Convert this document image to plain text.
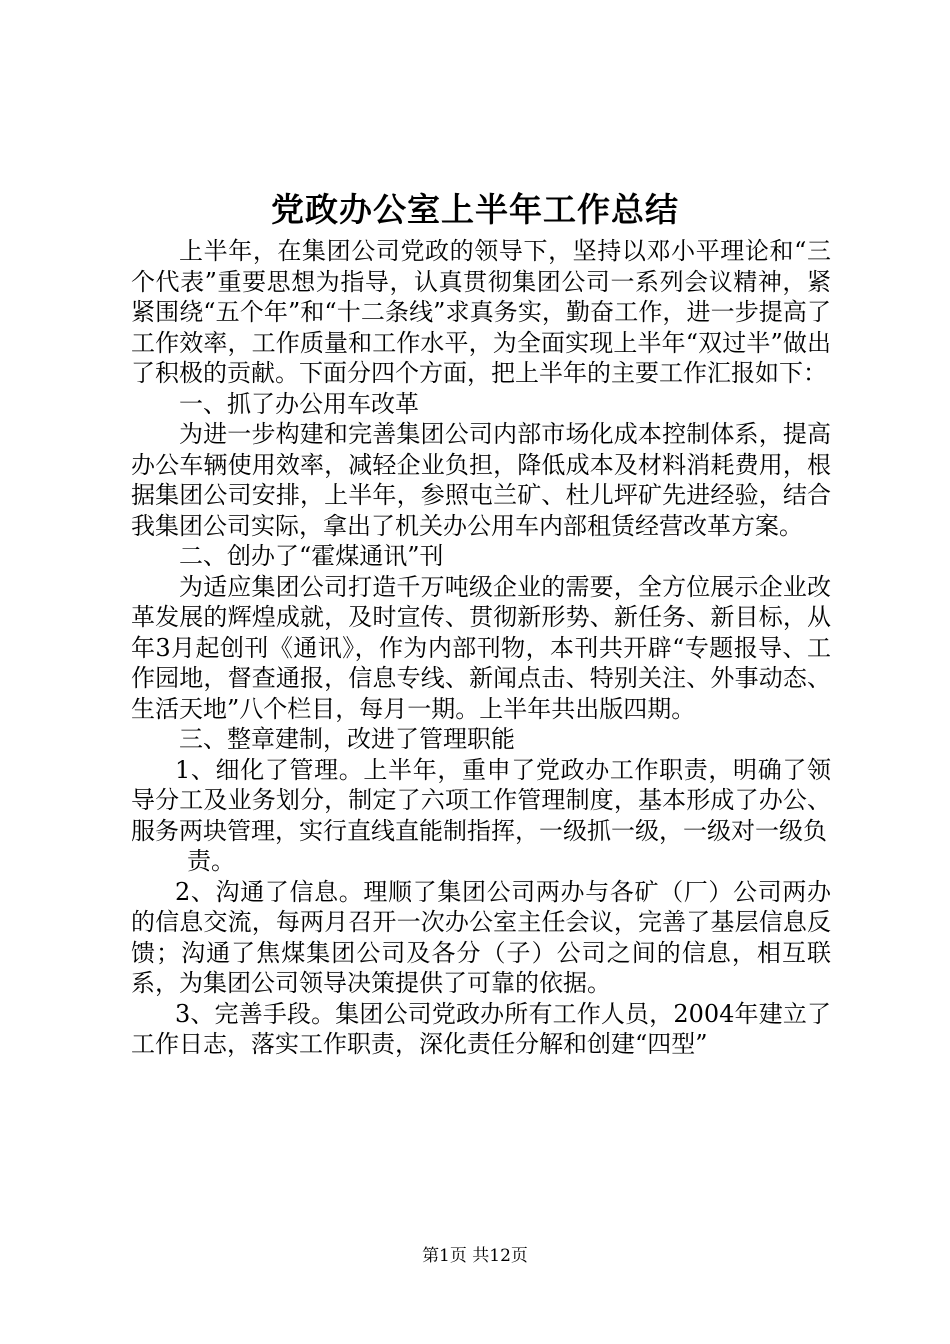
党政办公室上半年工作总结

上半年，在集团公司党政的领导下，坚持以邓小平理论和“三个代表”重要思想为指导，认真贯彻集团公司一系列会议精神，紧紧围绕“五个年”和“十二条线”求真务实，勤奋工作，进一步提高了工作效率，工作质量和工作水平，为全面实现上半年“双过半”做出了积极的贡献。下面分四个方面，把上半年的主要工作汇报如下：

一、抓了办公用车改革

为进一步构建和完善集团公司内部市场化成本控制体系，提高办公车辆使用效率，减轻企业负担，降低成本及材料消耗费用，根据集团公司安排，上半年，参照屯兰矿、杜儿坪矿先进经验，结合我集团公司实际，拿出了机关办公用车内部租赁经营改革方案。

二、创办了“霍煤通讯”刊

为适应集团公司打造千万吨级企业的需要，全方位展示企业改革发展的辉煌成就，及时宣传、贯彻新形势、新任务、新目标，从年3月起创刊《通讯》，作为内部刊物，本刊共开辟“专题报导、工作园地，督查通报，信息专线、新闻点击、特别关注、外事动态、生活天地”八个栏目，每月一期。上半年共出版四期。

三、整章建制，改进了管理职能

1、细化了管理。上半年，重申了党政办工作职责，明确了领导分工及业务划分，制定了六项工作管理制度，基本形成了办公、服务两块管理，实行直线直能制指挥，一级抓一级，一级对一级负

责。

2、沟通了信息。理顺了集团公司两办与各矿（厂）公司两办的信息交流，每两月召开一次办公室主任会议，完善了基层信息反馈；沟通了焦煤集团公司及各分（子）公司之间的信息，相互联系，为集团公司领导决策提供了可靠的依据。

3、完善手段。集团公司党政办所有工作人员，2004年建立了工作日志，落实工作职责，深化责任分解和创建“四型”

第1页 共12页
